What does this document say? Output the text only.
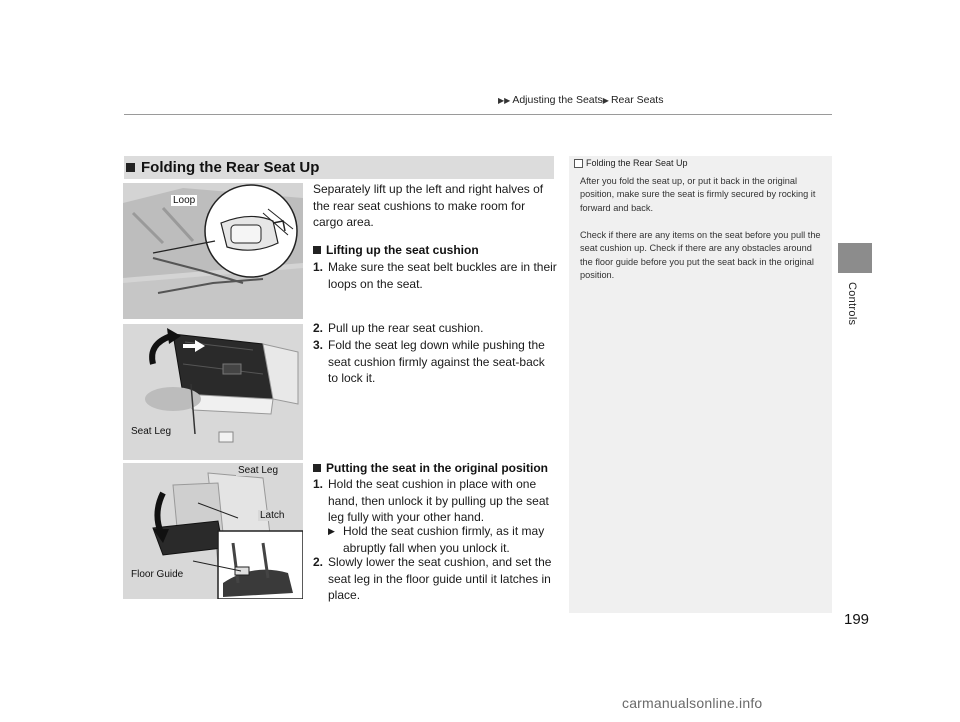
▶▶ Adjusting the Seats▶ Rear Seats
Controls
Folding the Rear Seat Up	Folding the Rear Seat Up
After you fold the seat up, or put it back in the original position, make sure the seat is firmly secured by rocking it forward and back.
Check if there are any items on the seat before you pull the seat cushion up. Check if there are any obstacles around the floor guide before you put the seat back in the original position.
Loop
Seat Leg
Seat Leg
Latch
Floor Guide
Separately lift up the left and right halves of the rear seat cushions to make room for cargo area.
Lifting up the seat cushion
1. Make sure the seat belt buckles are in their loops on the seat.
2. Pull up the rear seat cushion.
3. Fold the seat leg down while pushing the seat cushion firmly against the seat-back to lock it.
Putting the seat in the original position
1. Hold the seat cushion in place with one hand, then unlock it by pulling up the seat leg fully with your other hand.
▶ Hold the seat cushion firmly, as it may abruptly fall when you unlock it.
2. Slowly lower the seat cushion, and set the seat leg in the floor guide until it latches in place.
199
carmanualsonline.info
